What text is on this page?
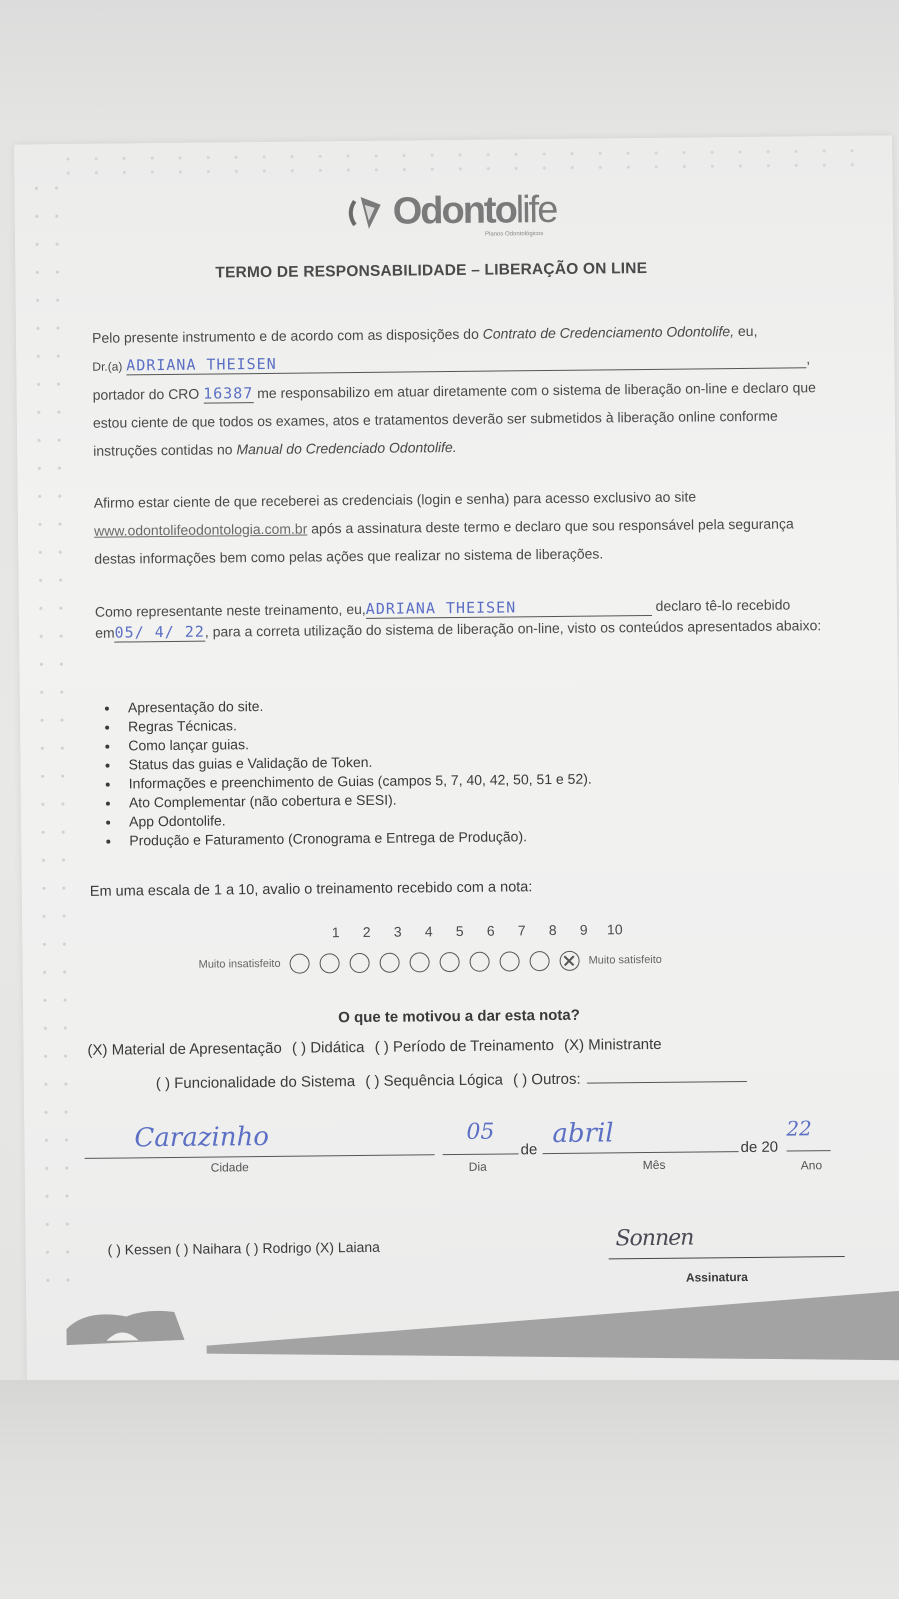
Odontolife
Planos Odontológicos
TERMO DE RESPONSABILIDADE – LIBERAÇÃO ON LINE
Pelo presente instrumento e de acordo com as disposições do Contrato de Credenciamento Odontolife, eu,
Dr.(a) ADRIANA THEISEN	,
portador do CRO 16387 me responsabilizo em atuar diretamente com o sistema de liberação on-line e declaro que estou ciente de que todos os exames, atos e tratamentos deverão ser submetidos à liberação online conforme instruções contidas no Manual do Credenciado Odontolife.
Afirmo estar ciente de que receberei as credenciais (login e senha) para acesso exclusivo ao site www.odontolifeodontologia.com.br após a assinatura deste termo e declaro que sou responsável pela segurança destas informações bem como pelas ações que realizar no sistema de liberações.
Como representante neste treinamento, eu,ADRIANA THEISEN	declaro tê-lo recebido
em05/ 4/ 22, para a correta utilização do sistema de liberação on-line, visto os conteúdos apresentados abaixo:
• Apresentação do site.
• Regras Técnicas.
• Como lançar guias.
• Status das guias e Validação de Token.
• Informações e preenchimento de Guias (campos 5, 7, 40, 42, 50, 51 e 52).
• Ato Complementar (não cobertura e SESI).
• App Odontolife.
• Produção e Faturamento (Cronograma e Entrega de Produção).
Em uma escala de 1 a 10, avalio o treinamento recebido com a nota:
1	2	3	4	5	6	7	8	9	10
Muito insatisfeito	Muito satisfeito
O que te motivou a dar esta nota?
(X) Material de Apresentação ( ) Didática ( ) Período de Treinamento (X) Ministrante
( ) Funcionalidade do Sistema ( ) Sequência Lógica ( ) Outros:
Carazinho
Cidade
05
Dia
de
abril
Mês
de 20
22
Ano
( ) Kessen ( ) Naihara ( ) Rodrigo (X) Laiana	Sonnen
Assinatura
